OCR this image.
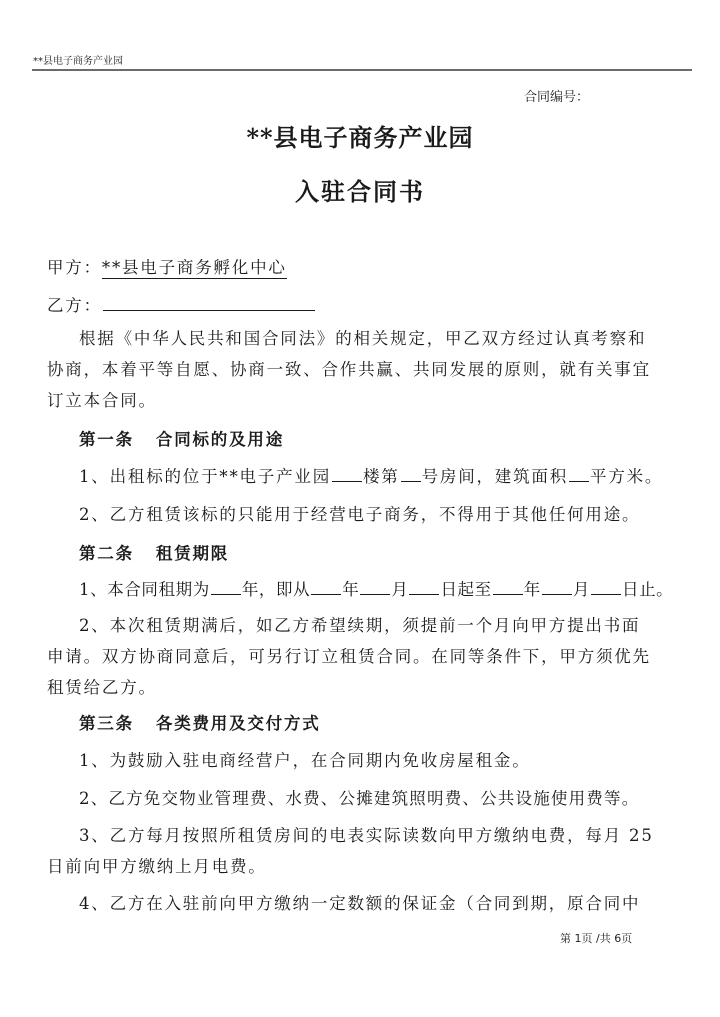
**县电子商务产业园
合同编号：
**县电子商务产业园
入驻合同书
甲方：**县电子商务孵化中心
乙方：
根据《中华人民共和国合同法》的相关规定，甲乙双方经过认真考察和
协商，本着平等自愿、协商一致、合作共赢、共同发展的原则，就有关事宜
订立本合同。
第一条 合同标的及用途
1、出租标的位于**电子产业园 楼第 号房间，建筑面积 平方米。
2、乙方租赁该标的只能用于经营电子商务，不得用于其他任何用途。
第二条 租赁期限
1、本合同租期为 年，即从 年 月 日起至 年 月 日止。
2、本次租赁期满后，如乙方希望续期，须提前一个月向甲方提出书面
申请。双方协商同意后，可另行订立租赁合同。在同等条件下，甲方须优先
租赁给乙方。
第三条 各类费用及交付方式
1、为鼓励入驻电商经营户，在合同期内免收房屋租金。
2、乙方免交物业管理费、水费、公摊建筑照明费、公共设施使用费等。
3、乙方每月按照所租赁房间的电表实际读数向甲方缴纳电费，每月 25
日前向甲方缴纳上月电费。
4、乙方在入驻前向甲方缴纳一定数额的保证金（合同到期，原合同中
第 1页 /共 6页
